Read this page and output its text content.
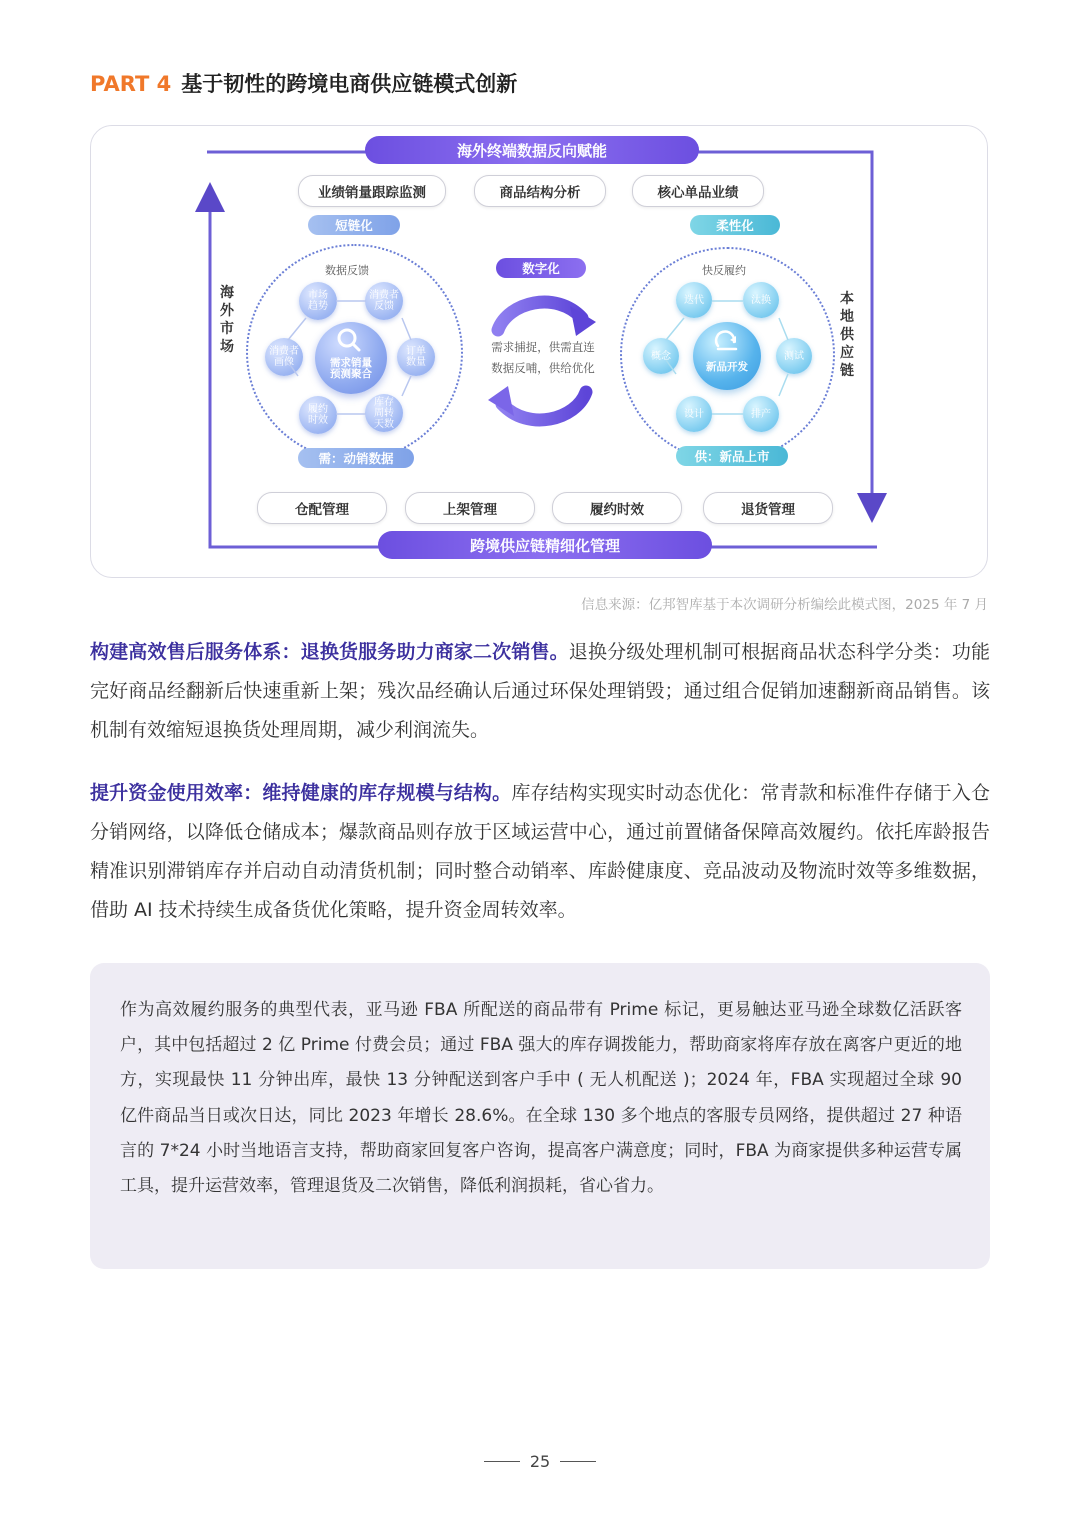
PART 4 基于韧性的跨境电商供应链模式创新
海外终端数据反向赋能
跨境供应链精细化管理
海
外
市
场
本
地
供
应
链
业绩销量跟踪监测	商品结构分析	核心单品业绩
短链化
数据反馈
需求销量预测聚合
市场趋势
消费者反馈
订单数量
库存周转天数
履约时效
消费者画像
需：动销数据
数字化
需求捕捉，供需直连
数据反哺，供给优化
柔性化
快反履约
新品开发
迭代	汰换
测试
排产
设计
概念
供：新品上市
仓配管理	上架管理	履约时效	退货管理
信息来源：亿邦智库基于本次调研分析编绘此模式图，2025 年 7 月
构建高效售后服务体系：退换货服务助力商家二次销售。退换分级处理机制可根据商品状态科学分类：功能完好商品经翻新后快速重新上架；残次品经确认后通过环保处理销毁；通过组合促销加速翻新商品销售。该机制有效缩短退换货处理周期，减少利润流失。
提升资金使用效率：维持健康的库存规模与结构。库存结构实现实时动态优化：常青款和标准件存储于入仓分销网络，以降低仓储成本；爆款商品则存放于区域运营中心，通过前置储备保障高效履约。依托库龄报告精准识别滞销库存并启动自动清货机制；同时整合动销率、库龄健康度、竞品波动及物流时效等多维数据，借助 AI 技术持续生成备货优化策略，提升资金周转效率。
作为高效履约服务的典型代表，亚马逊 FBA 所配送的商品带有 Prime 标记，更易触达亚马逊全球数亿活跃客户，其中包括超过 2 亿 Prime 付费会员；通过 FBA 强大的库存调拨能力，帮助商家将库存放在离客户更近的地方，实现最快 11 分钟出库，最快 13 分钟配送到客户手中 ( 无人机配送 )；2024 年，FBA 实现超过全球 90 亿件商品当日或次日达，同比 2023 年增长 28.6%。在全球 130 多个地点的客服专员网络，提供超过 27 种语言的 7*24 小时当地语言支持，帮助商家回复客户咨询，提高客户满意度；同时，FBA 为商家提供多种运营专属工具，提升运营效率，管理退货及二次销售，降低利润损耗，省心省力。
25
